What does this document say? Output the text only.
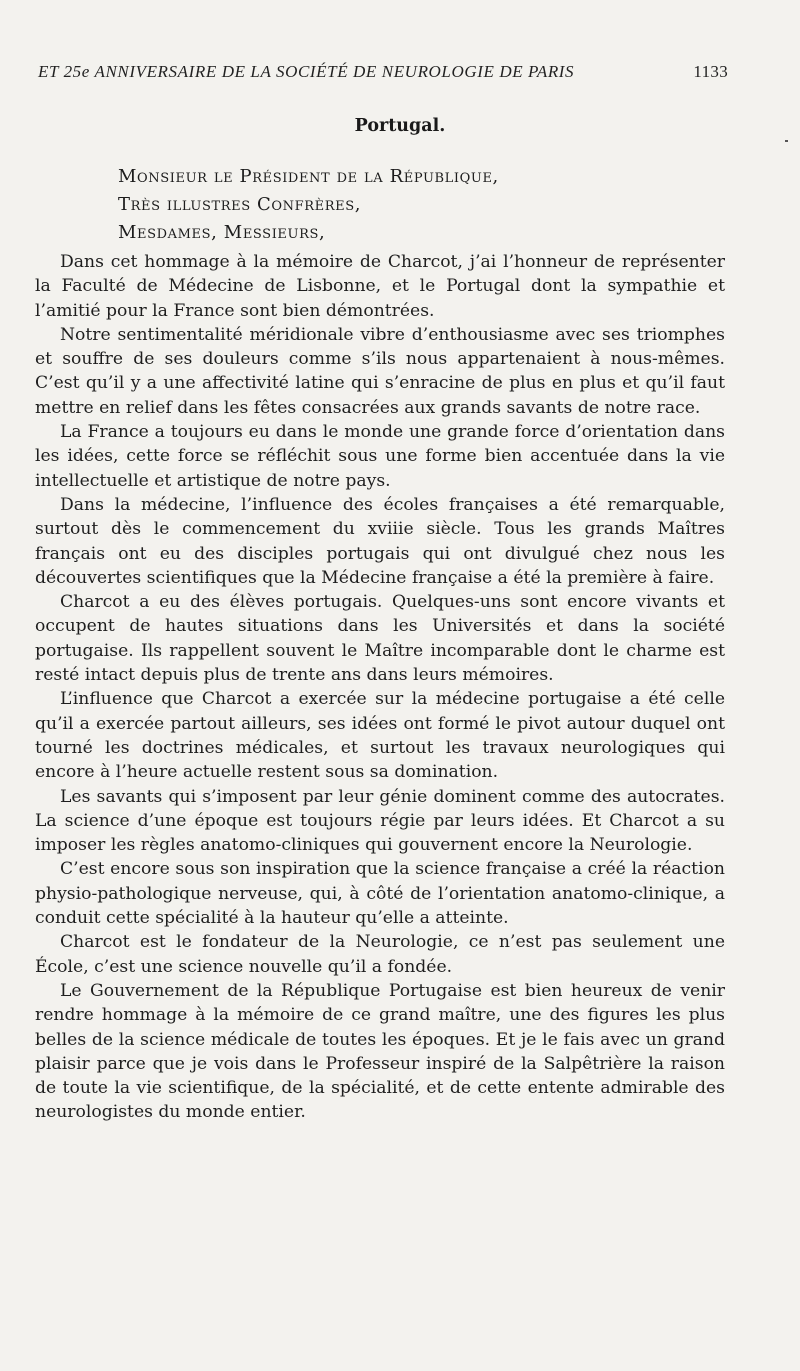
ET 25e ANNIVERSAIRE DE LA SOCIÉTÉ DE NEUROLOGIE DE PARIS	1133
Portugal.
Monsieur le Président de la République,
Très illustres Confrères,
Mesdames, Messieurs,

Dans cet hommage à la mémoire de Charcot, j’ai l’honneur de représenter la Faculté de Médecine de Lisbonne, et le Portugal dont la sympathie et l’amitié pour la France sont bien démontrées.

Notre sentimentalité méridionale vibre d’enthousiasme avec ses triomphes et souffre de ses douleurs comme s’ils nous appartenaient à nous-mêmes. C’est qu’il y a une affectivité latine qui s’enracine de plus en plus et qu’il faut mettre en relief dans les fêtes consacrées aux grands savants de notre race.

La France a toujours eu dans le monde une grande force d’orientation dans les idées, cette force se réfléchit sous une forme bien accentuée dans la vie intellectuelle et artistique de notre pays.

Dans la médecine, l’influence des écoles françaises a été remarquable, surtout dès le commencement du xviiie siècle. Tous les grands Maîtres français ont eu des disciples portugais qui ont divulgué chez nous les découvertes scientifiques que la Médecine française a été la première à faire.

Charcot a eu des élèves portugais. Quelques-uns sont encore vivants et occupent de hautes situations dans les Universités et dans la société portugaise. Ils rappellent souvent le Maître incomparable dont le charme est resté intact depuis plus de trente ans dans leurs mémoires.

L’influence que Charcot a exercée sur la médecine portugaise a été celle qu’il a exercée partout ailleurs, ses idées ont formé le pivot autour duquel ont tourné les doctrines médicales, et surtout les travaux neurologiques qui encore à l’heure actuelle restent sous sa domination.

Les savants qui s’imposent par leur génie dominent comme des autocrates. La science d’une époque est toujours régie par leurs idées. Et Charcot a su imposer les règles anatomo-cliniques qui gouvernent encore la Neurologie.

C’est encore sous son inspiration que la science française a créé la réaction physio-pathologique nerveuse, qui, à côté de l’orientation anatomo-clinique, a conduit cette spécialité à la hauteur qu’elle a atteinte.

Charcot est le fondateur de la Neurologie, ce n’est pas seulement une École, c’est une science nouvelle qu’il a fondée.

Le Gouvernement de la République Portugaise est bien heureux de venir rendre hommage à la mémoire de ce grand maître, une des figures les plus belles de la science médicale de toutes les époques. Et je le fais avec un grand plaisir parce que je vois dans le Professeur inspiré de la Salpêtrière la raison de toute la vie scientifique, de la spécialité, et de cette entente admirable des neurologistes du monde entier.
